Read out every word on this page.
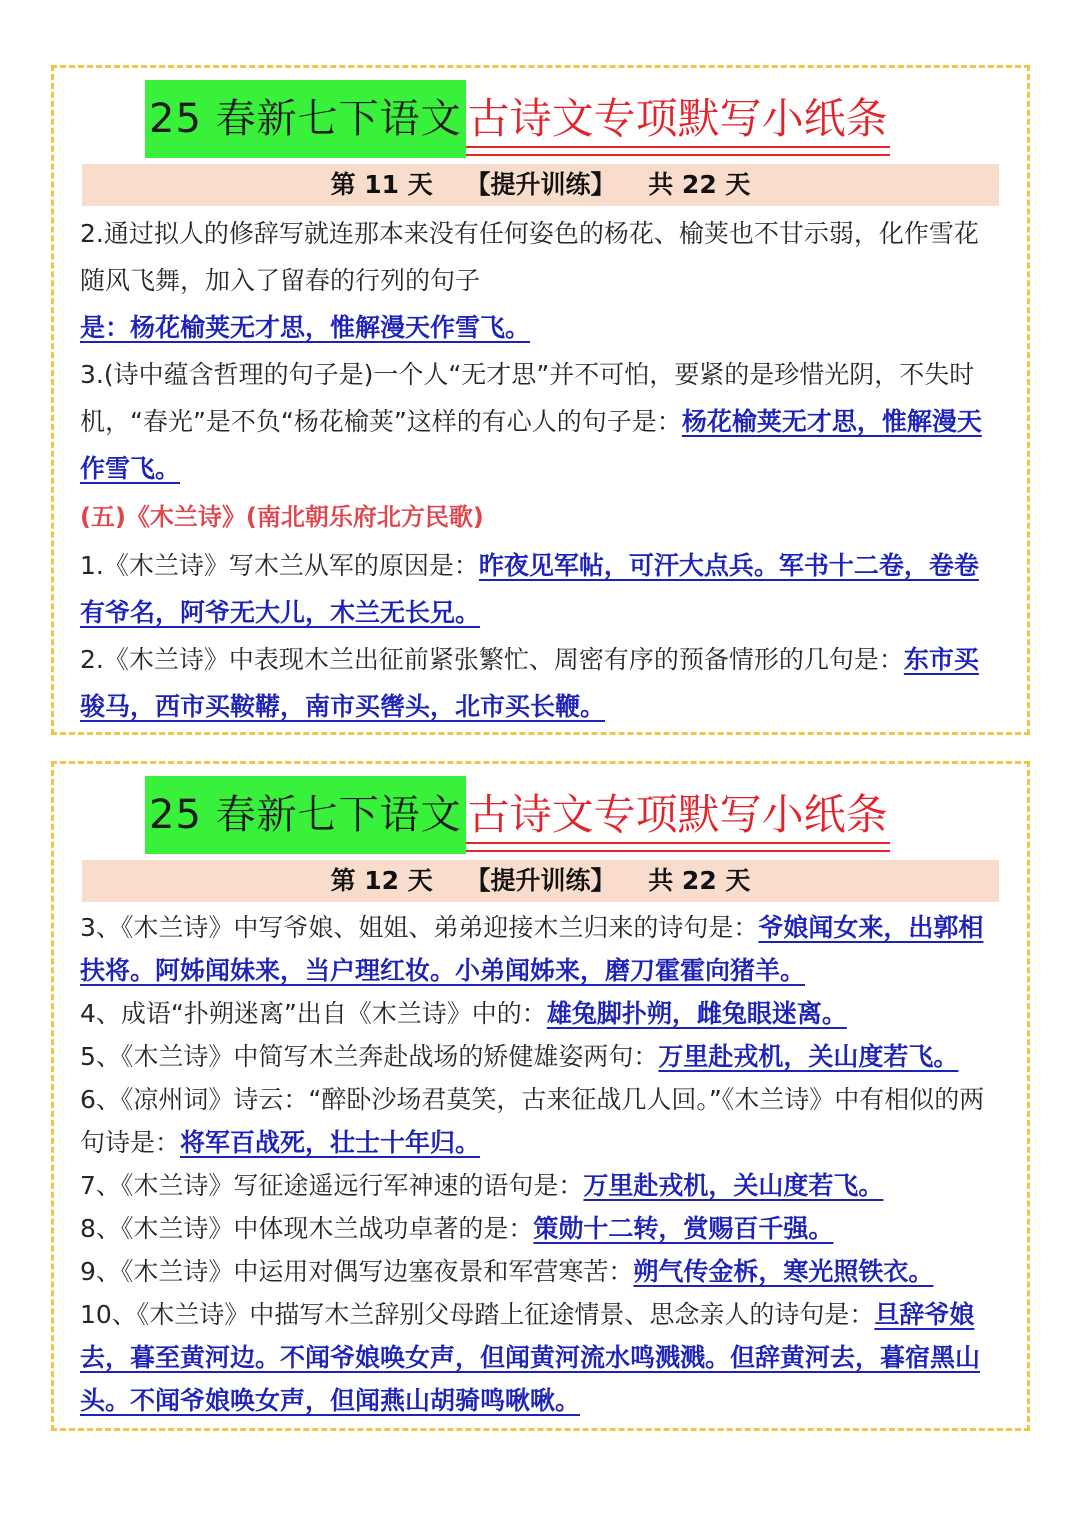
25 春新七下语文 古诗文专项默写小纸条
第 11 天 【提升训练】 共 22 天

2.通过拟人的修辞写就连那本来没有任何姿色的杨花、榆荚也不甘示弱，化作雪花随风飞舞，加入了留春的行列的句子
是：杨花榆荚无才思，惟解漫天作雪飞。

3.(诗中蕴含哲理的句子是)一个人“无才思”并不可怕，要紧的是珍惜光阴，不失时机，“春光”是不负“杨花榆荚”这样的有心人的句子是：杨花榆荚无才思，惟解漫天作雪飞。

(五)《木兰诗》(南北朝乐府北方民歌)

1.《木兰诗》写木兰从军的原因是：昨夜见军帖，可汗大点兵。军书十二卷，卷卷有爷名，阿爷无大儿，木兰无长兄。

2.《木兰诗》中表现木兰出征前紧张繁忙、周密有序的预备情形的几句是：东市买骏马，西市买鞍鞯，南市买辔头，北市买长鞭。

25 春新七下语文 古诗文专项默写小纸条
第 12 天 【提升训练】 共 22 天

3、《木兰诗》中写爷娘、姐姐、弟弟迎接木兰归来的诗句是：爷娘闻女来，出郭相扶将。阿姊闻妹来，当户理红妆。小弟闻姊来，磨刀霍霍向猪羊。

4、成语“扑朔迷离”出自《木兰诗》中的：雄兔脚扑朔，雌兔眼迷离。

5、《木兰诗》中简写木兰奔赴战场的矫健雄姿两句：万里赴戎机，关山度若飞。

6、《凉州词》诗云：“醉卧沙场君莫笑，古来征战几人回。”《木兰诗》中有相似的两句诗是：将军百战死，壮士十年归。

7、《木兰诗》写征途遥远行军神速的语句是：万里赴戎机，关山度若飞。

8、《木兰诗》中体现木兰战功卓著的是：策勋十二转，赏赐百千强。

9、《木兰诗》中运用对偶写边塞夜景和军营寒苦：朔气传金柝，寒光照铁衣。

10、《木兰诗》中描写木兰辞别父母踏上征途情景、思念亲人的诗句是：旦辞爷娘去，暮至黄河边。不闻爷娘唤女声，但闻黄河流水鸣溅溅。但辞黄河去，暮宿黑山头。不闻爷娘唤女声，但闻燕山胡骑鸣啾啾。
